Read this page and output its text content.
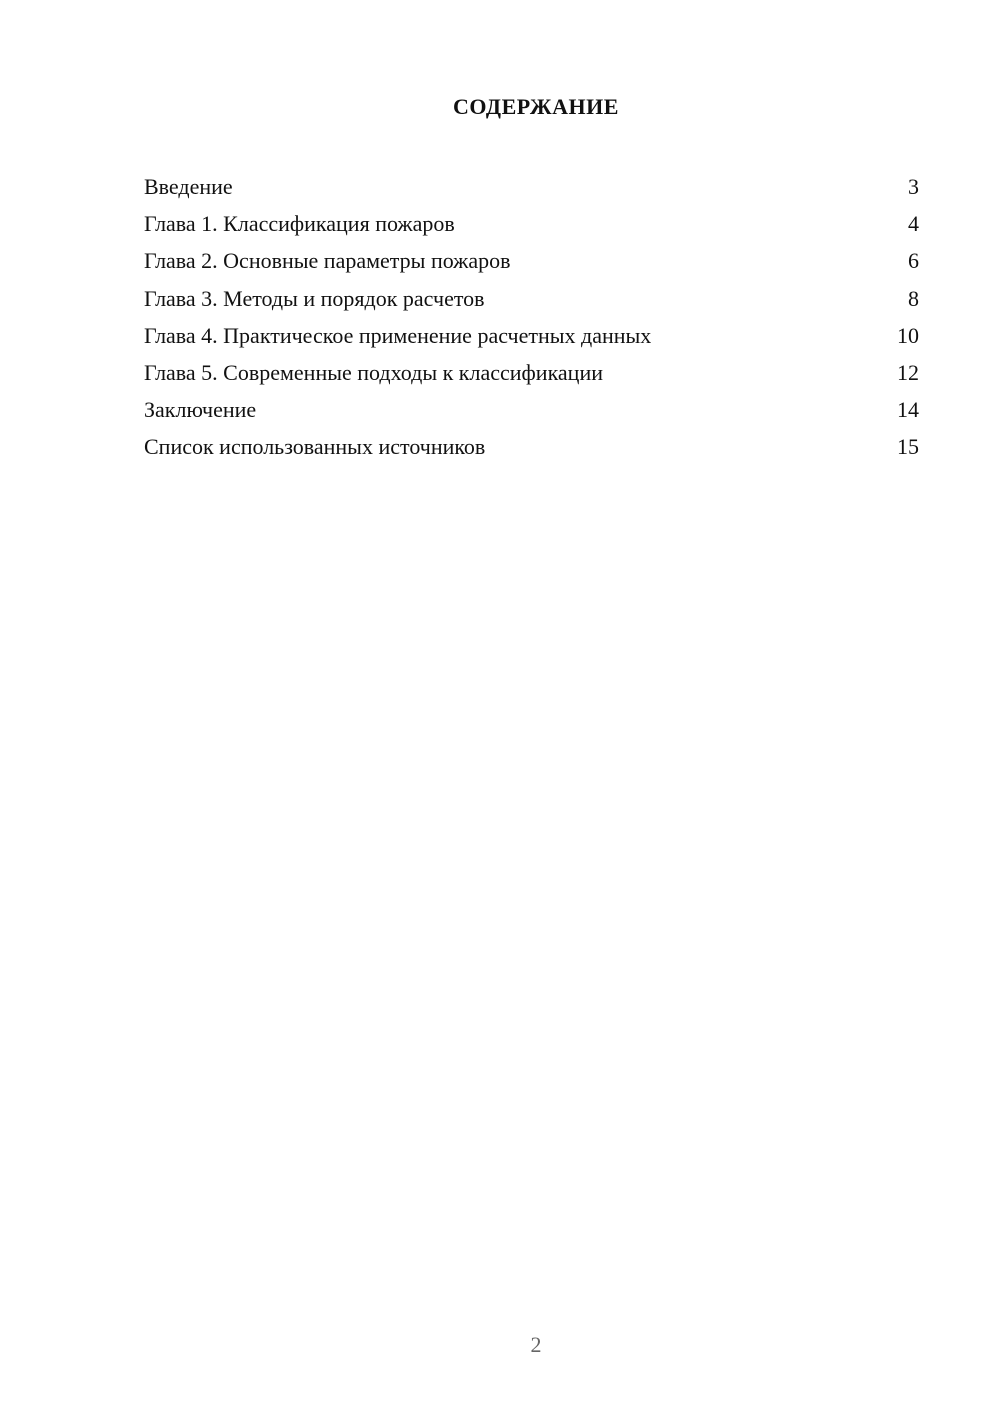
СОДЕРЖАНИЕ
Введение	3
Глава 1. Классификация пожаров	4
Глава 2. Основные параметры пожаров	6
Глава 3. Методы и порядок расчетов	8
Глава 4. Практическое применение расчетных данных	10
Глава 5. Современные подходы к классификации	12
Заключение	14
Список использованных источников	15
2
